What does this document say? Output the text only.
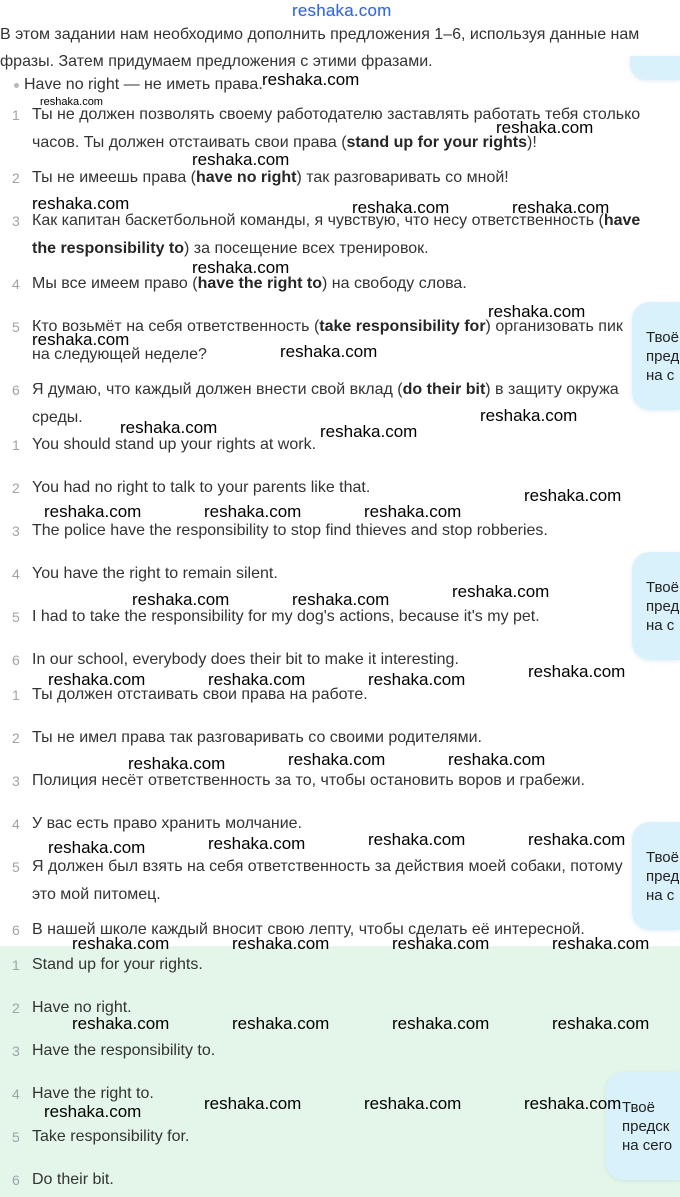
reshaka.com
В этом задании нам необходимо дополнить предложения 1–6, используя данные нам
фразы. Затем придумаем предложения с этими фразами.
Have no right — не иметь права.
1 Ты не должен позволять своему работодателю заставлять работать тебя столько
часов. Ты должен отстаивать свои права (stand up for your rights)!
2 Ты не имеешь права (have no right) так разговаривать со мной!
3 Как капитан баскетбольной команды, я чувствую, что несу ответственность (have
the responsibility to) за посещение всех тренировок.
4 Мы все имеем право (have the right to) на свободу слова.
5 Кто возьмёт на себя ответственность (take responsibility for) организовать пик
на следующей неделе?
6 Я думаю, что каждый должен внести свой вклад (do their bit) в защиту окружа
среды.
1 You should stand up your rights at work.
2 You had no right to talk to your parents like that.
3 The police have the responsibility to stop find thieves and stop robberies.
4 You have the right to remain silent.
5 I had to take the responsibility for my dog's actions, because it's my pet.
6 In our school, everybody does their bit to make it interesting.
1 Ты должен отстаивать свои права на работе.
2 Ты не имел права так разговаривать со своими родителями.
3 Полиция несёт ответственность за то, чтобы остановить воров и грабежи.
4 У вас есть право хранить молчание.
5 Я должен был взять на себя ответственность за действия моей собаки, потому
это мой питомец.
6 В нашей школе каждый вносит свою лепту, чтобы сделать её интересной.
1 Stand up for your rights.
2 Have no right.
3 Have the responsibility to.
4 Have the right to.
5 Take responsibility for.
6 Do their bit.
Твоё
пред
на с
Твоё
пред
на с
Твоё
пред
на с
Твоё
предск
на сего
reshaka.com
reshaka.com
reshaka.com
reshaka.com
reshaka.com	reshaka.com	reshaka.com
reshaka.com
reshaka.com
reshaka.com
reshaka.com
reshaka.com
reshaka.com	reshaka.com
reshaka.com
reshaka.com	reshaka.com	reshaka.com
reshaka.com
reshaka.com	reshaka.com
reshaka.com
reshaka.com	reshaka.com	reshaka.com
reshaka.com	reshaka.com	reshaka.com
reshaka.com	reshaka.com
reshaka.com	reshaka.com
reshaka.com	reshaka.com	reshaka.com	reshaka.com
reshaka.com	reshaka.com	reshaka.com	reshaka.com
reshaka.com	reshaka.com	reshaka.com	reshaka.com
